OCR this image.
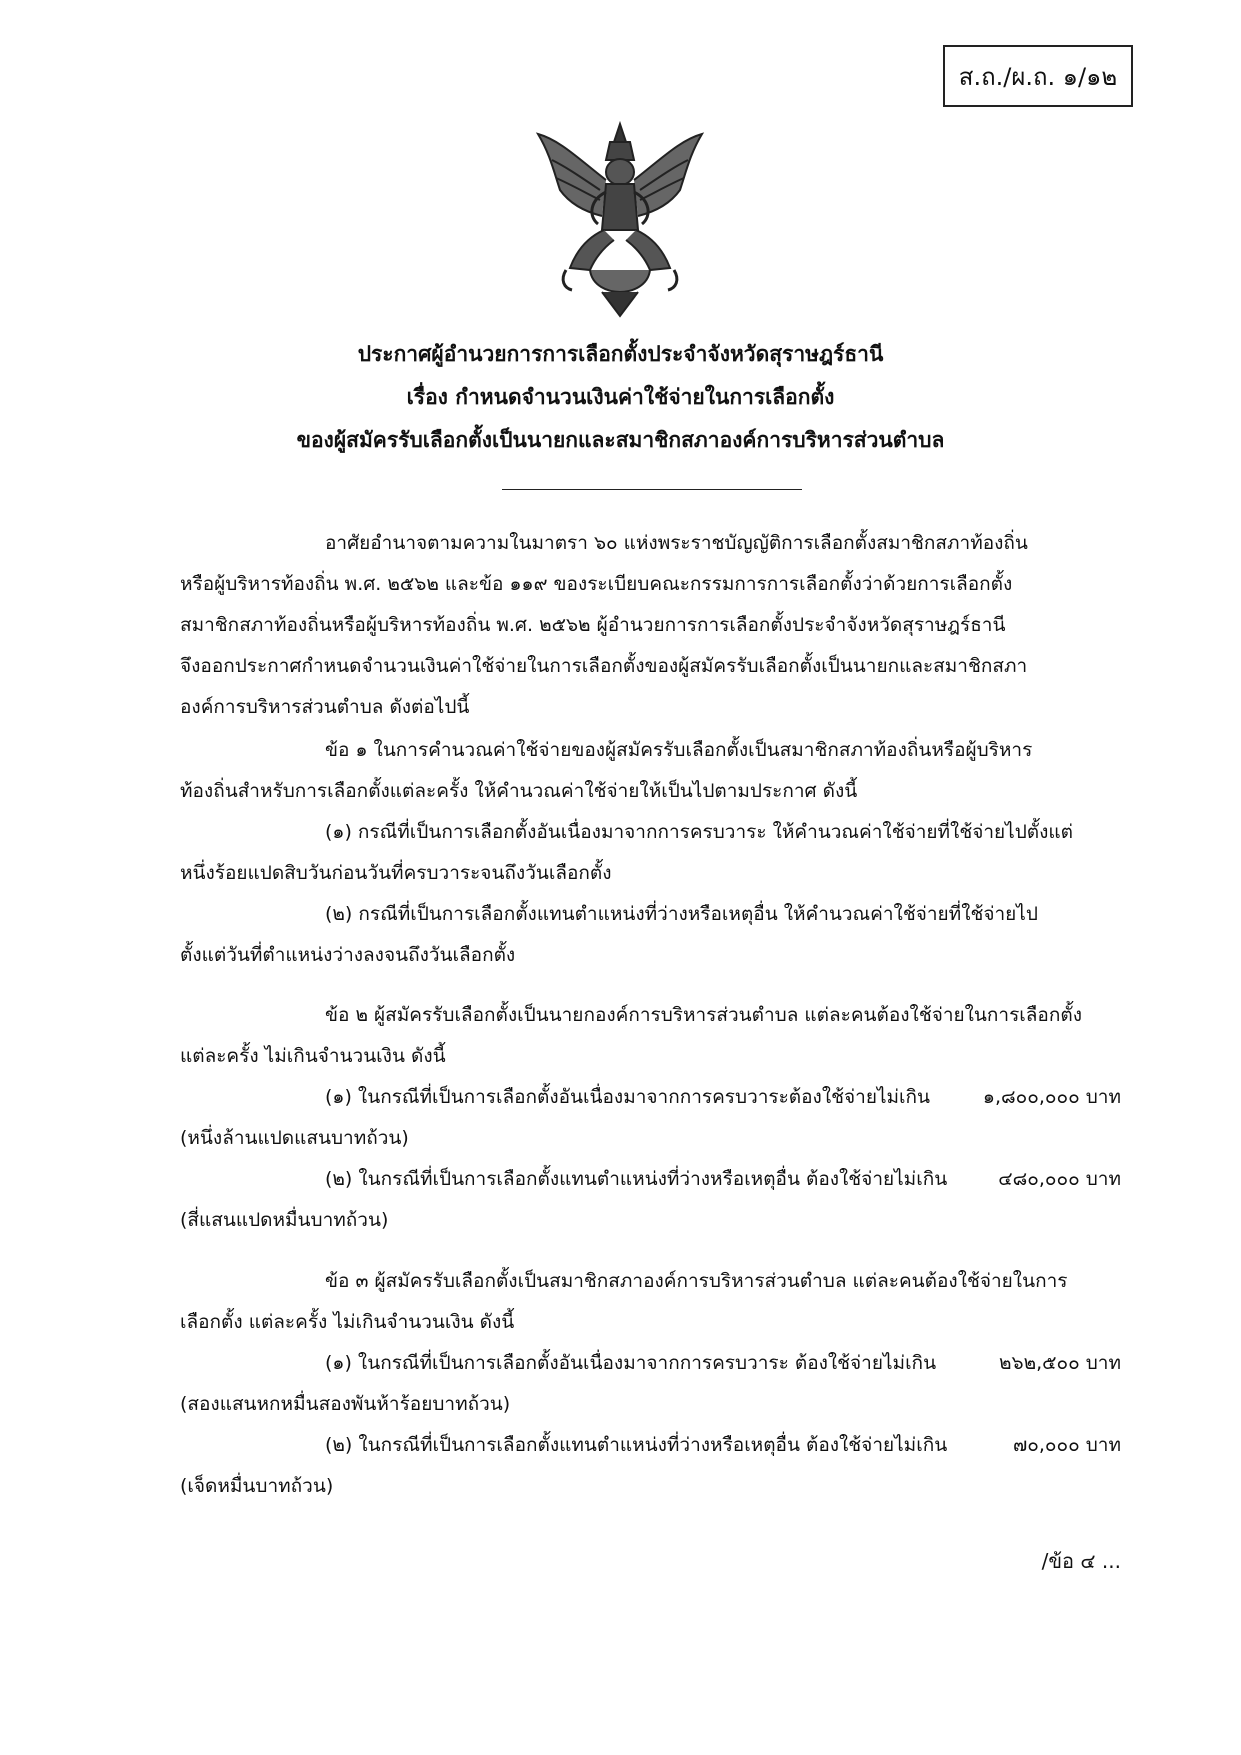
ส.ถ./ผ.ถ. ๑/๑๒
ประกาศผู้อำนวยการการเลือกตั้งประจำจังหวัดสุราษฎร์ธานี
เรื่อง กำหนดจำนวนเงินค่าใช้จ่ายในการเลือกตั้ง
ของผู้สมัครรับเลือกตั้งเป็นนายกและสมาชิกสภาองค์การบริหารส่วนตำบล
อาศัยอำนาจตามความในมาตรา ๖๐ แห่งพระราชบัญญัติการเลือกตั้งสมาชิกสภาท้องถิ่น
หรือผู้บริหารท้องถิ่น พ.ศ. ๒๕๖๒ และข้อ ๑๑๙ ของระเบียบคณะกรรมการการเลือกตั้งว่าด้วยการเลือกตั้ง
สมาชิกสภาท้องถิ่นหรือผู้บริหารท้องถิ่น พ.ศ. ๒๕๖๒ ผู้อำนวยการการเลือกตั้งประจำจังหวัดสุราษฎร์ธานี
จึงออกประกาศกำหนดจำนวนเงินค่าใช้จ่ายในการเลือกตั้งของผู้สมัครรับเลือกตั้งเป็นนายกและสมาชิกสภา
องค์การบริหารส่วนตำบล ดังต่อไปนี้
ข้อ ๑ ในการคำนวณค่าใช้จ่ายของผู้สมัครรับเลือกตั้งเป็นสมาชิกสภาท้องถิ่นหรือผู้บริหาร
ท้องถิ่นสำหรับการเลือกตั้งแต่ละครั้ง ให้คำนวณค่าใช้จ่ายให้เป็นไปตามประกาศ ดังนี้
(๑) กรณีที่เป็นการเลือกตั้งอันเนื่องมาจากการครบวาระ ให้คำนวณค่าใช้จ่ายที่ใช้จ่ายไปตั้งแต่
หนึ่งร้อยแปดสิบวันก่อนวันที่ครบวาระจนถึงวันเลือกตั้ง
(๒) กรณีที่เป็นการเลือกตั้งแทนตำแหน่งที่ว่างหรือเหตุอื่น ให้คำนวณค่าใช้จ่ายที่ใช้จ่ายไป
ตั้งแต่วันที่ตำแหน่งว่างลงจนถึงวันเลือกตั้ง
ข้อ ๒ ผู้สมัครรับเลือกตั้งเป็นนายกองค์การบริหารส่วนตำบล แต่ละคนต้องใช้จ่ายในการเลือกตั้ง
แต่ละครั้ง ไม่เกินจำนวนเงิน ดังนี้
(๑) ในกรณีที่เป็นการเลือกตั้งอันเนื่องมาจากการครบวาระต้องใช้จ่ายไม่เกิน	๑,๘๐๐,๐๐๐ บาท
(หนึ่งล้านแปดแสนบาทถ้วน)
(๒) ในกรณีที่เป็นการเลือกตั้งแทนตำแหน่งที่ว่างหรือเหตุอื่น ต้องใช้จ่ายไม่เกิน	๔๘๐,๐๐๐ บาท
(สี่แสนแปดหมื่นบาทถ้วน)
ข้อ ๓ ผู้สมัครรับเลือกตั้งเป็นสมาชิกสภาองค์การบริหารส่วนตำบล แต่ละคนต้องใช้จ่ายในการ
เลือกตั้ง แต่ละครั้ง ไม่เกินจำนวนเงิน ดังนี้
(๑) ในกรณีที่เป็นการเลือกตั้งอันเนื่องมาจากการครบวาระ ต้องใช้จ่ายไม่เกิน	๒๖๒,๕๐๐ บาท
(สองแสนหกหมื่นสองพันห้าร้อยบาทถ้วน)
(๒) ในกรณีที่เป็นการเลือกตั้งแทนตำแหน่งที่ว่างหรือเหตุอื่น ต้องใช้จ่ายไม่เกิน	๗๐,๐๐๐ บาท
(เจ็ดหมื่นบาทถ้วน)
/ข้อ ๔ ...
